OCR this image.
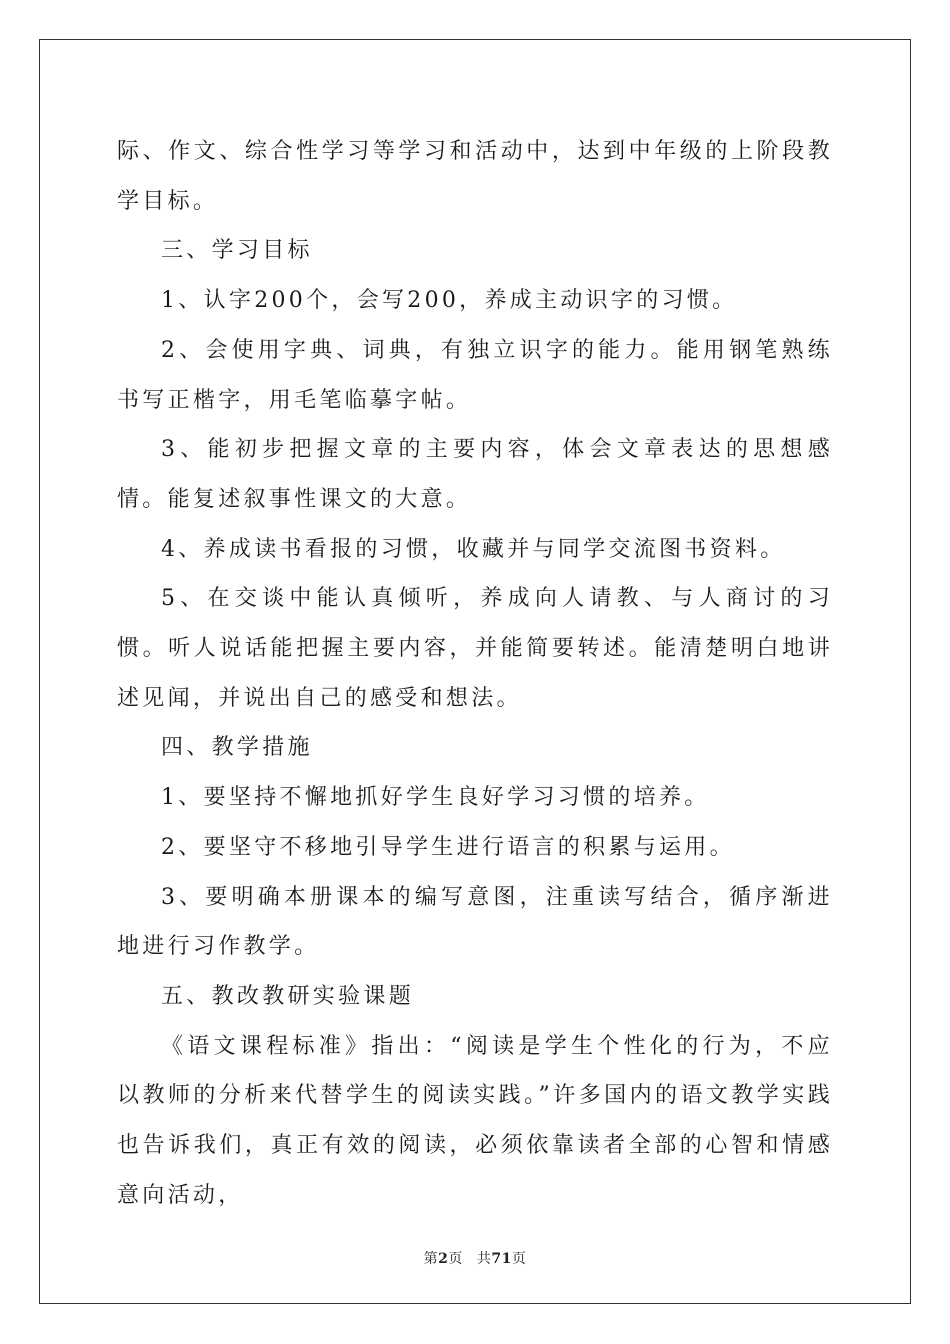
际、作文、综合性学习等学习和活动中，达到中年级的上阶段教学目标。

三、学习目标

1、认字200个，会写200，养成主动识字的习惯。

2、会使用字典、词典，有独立识字的能力。能用钢笔熟练书写正楷字，用毛笔临摹字帖。

3、能初步把握文章的主要内容，体会文章表达的思想感情。能复述叙事性课文的大意。

4、养成读书看报的习惯，收藏并与同学交流图书资料。

5、在交谈中能认真倾听，养成向人请教、与人商讨的习惯。听人说话能把握主要内容，并能简要转述。能清楚明白地讲述见闻，并说出自己的感受和想法。

四、教学措施

1、要坚持不懈地抓好学生良好学习习惯的培养。

2、要坚守不移地引导学生进行语言的积累与运用。

3、要明确本册课本的编写意图，注重读写结合，循序渐进地进行习作教学。

五、教改教研实验课题

《语文课程标准》指出：“阅读是学生个性化的行为，不应以教师的分析来代替学生的阅读实践。”许多国内的语文教学实践也告诉我们，真正有效的阅读，必须依靠读者全部的心智和情感意向活动，

第2页 共71页
